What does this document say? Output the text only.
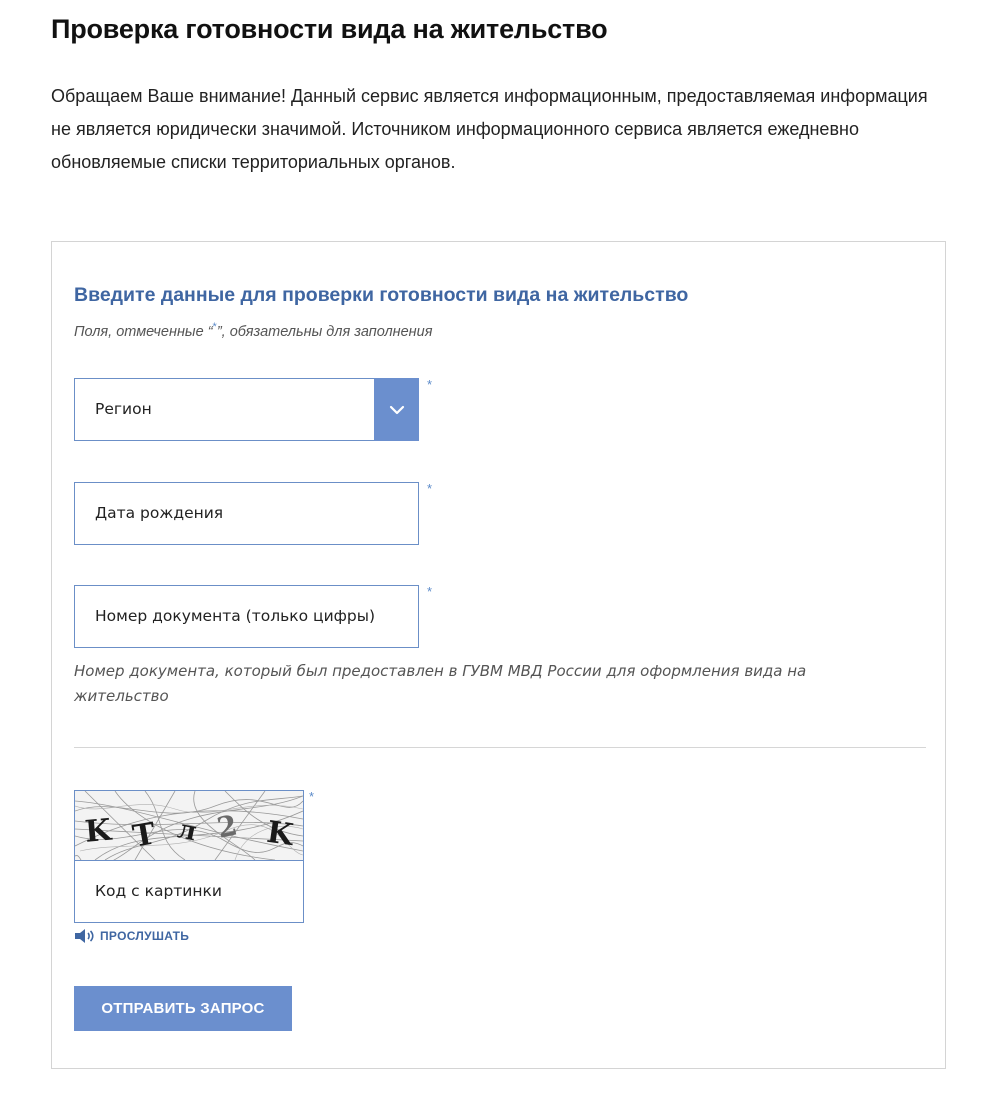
Проверка готовности вида на жительство

Обращаем Ваше внимание! Данный сервис является информационным, предоставляемая информация не является юридически значимой. Источником информационного сервиса является ежедневно обновляемые списки территориальных органов.

Введите данные для проверки готовности вида на жительство
Поля, отмеченные “*”, обязательны для заполнения
Регион
*
Дата рождения
*
Номер документа (только цифры)
*
Номер документа, который был предоставлен в ГУВМ МВД России для оформления вида на жительство
K T л 2 K
Код с картинки
*
ПРОСЛУШАТЬ
ОТПРАВИТЬ ЗАПРОС
